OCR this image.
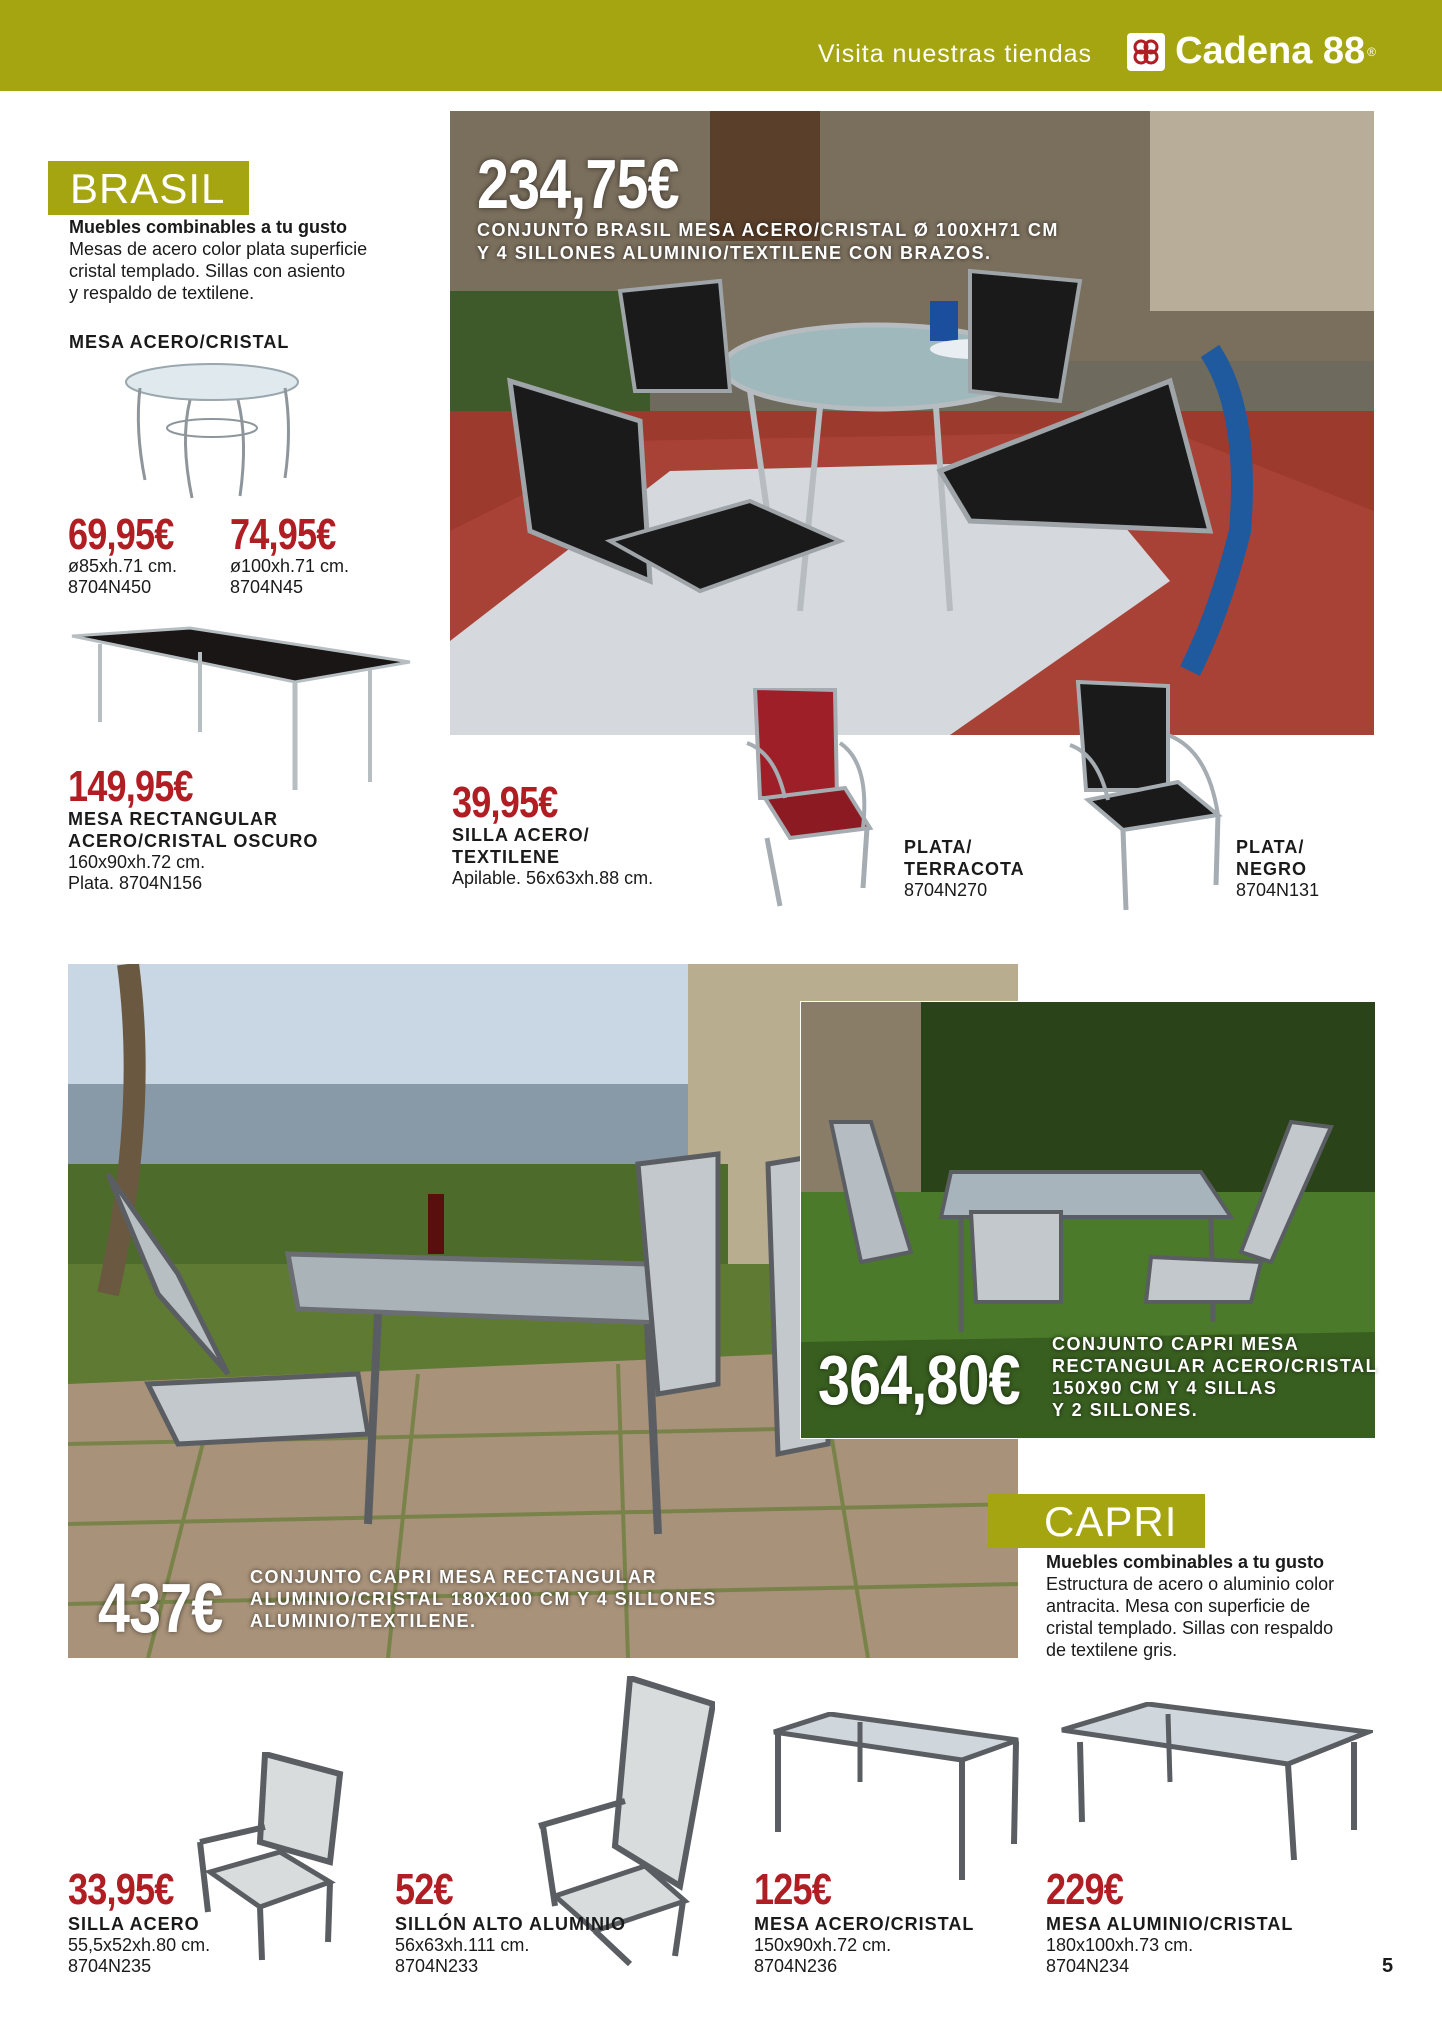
Visita nuestras tiendas Cadena 88 ®
BRASIL
Muebles combinables a tu gusto
Mesas de acero color plata superficie
cristal templado. Sillas con asiento
y respaldo de textilene.
MESA ACERO/CRISTAL
69,95€
ø85xh.71 cm.
8704N450
74,95€
ø100xh.71 cm.
8704N45
149,95€
MESA RECTANGULAR
ACERO/CRISTAL OSCURO
160x90xh.72 cm.
Plata. 8704N156
234,75€
CONJUNTO BRASIL MESA ACERO/CRISTAL Ø 100XH71 CM
Y 4 SILLONES ALUMINIO/TEXTILENE CON BRAZOS.
39,95€
SILLA ACERO/
TEXTILENE
Apilable. 56x63xh.88 cm.
PLATA/
TERRACOTA
8704N270
PLATA/
NEGRO
8704N131
364,80€	CONJUNTO CAPRI MESA
RECTANGULAR ACERO/CRISTAL
150X90 CM Y 4 SILLAS
Y 2 SILLONES.
437€	CONJUNTO CAPRI MESA RECTANGULAR
ALUMINIO/CRISTAL 180X100 CM Y 4 SILLONES
ALUMINIO/TEXTILENE.
CAPRI
Muebles combinables a tu gusto
Estructura de acero o aluminio color
antracita. Mesa con superficie de
cristal templado. Sillas con respaldo
de textilene gris.
33,95€
SILLA ACERO
55,5x52xh.80 cm.
8704N235
52€
SILLÓN ALTO ALUMINIO
56x63xh.111 cm.
8704N233
125€
MESA ACERO/CRISTAL
150x90xh.72 cm.
8704N236
229€
MESA ALUMINIO/CRISTAL
180x100xh.73 cm.
8704N234	5
